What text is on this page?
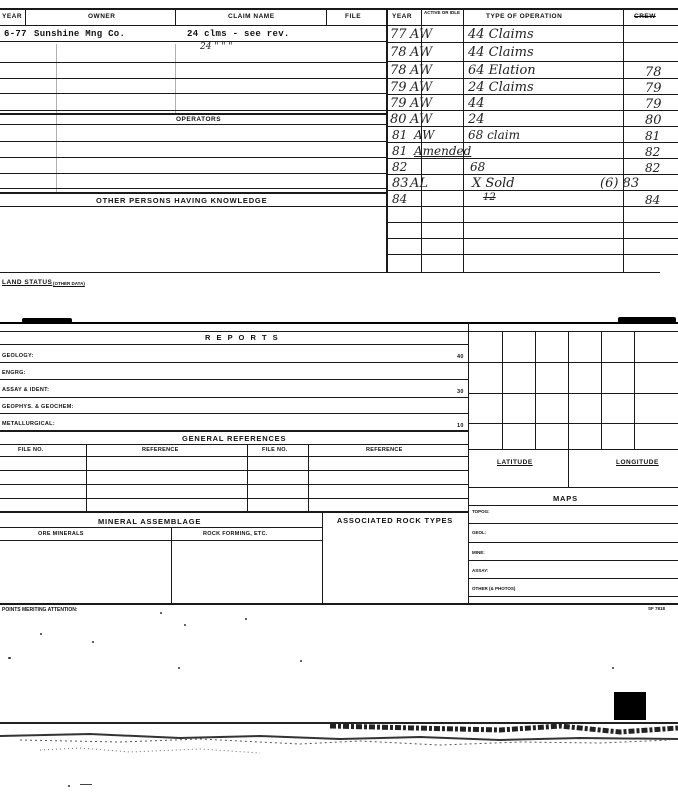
YEAR	OWNER	CLAIM NAME	FILE
6-77 Sunshine Mng Co.	24 clms - see rev.
24 " " "
OPERATORS
OTHER PERSONS HAVING KNOWLEDGE
YEAR
ACTIVE OR IDLE
TYPE OF OPERATION	CREW
77 AW	44 Claims
78 AW	44 Claims
78 AW	64 Elation	78
79 AW	24 Claims	79
79 AW	44	79
80 AW	24	80
81 AW	68 claim	81
81 Amended	82
82	68	82
83 AL	X Sold	(6) 83
84	12	84
LAND STATUS (OTHER DATA)
R E P O R T S
GEOLOGY:	40
ENGRG:
ASSAY & IDENT:	30
GEOPHYS. & GEOCHEM:
METALLURGICAL:	10
GENERAL REFERENCES
FILE NO.	REFERENCE	FILE NO.	REFERENCE
MINERAL ASSEMBLAGE
ORE MINERALS	ROCK FORMING, ETC.
ASSOCIATED ROCK TYPES
LATITUDE	LONGITUDE
MAPS
TOPOG:
GEOL:
MINE:
ASSAY:
OTHER (& PHOTOS)
POINTS MERITING ATTENTION:	SF 7818
